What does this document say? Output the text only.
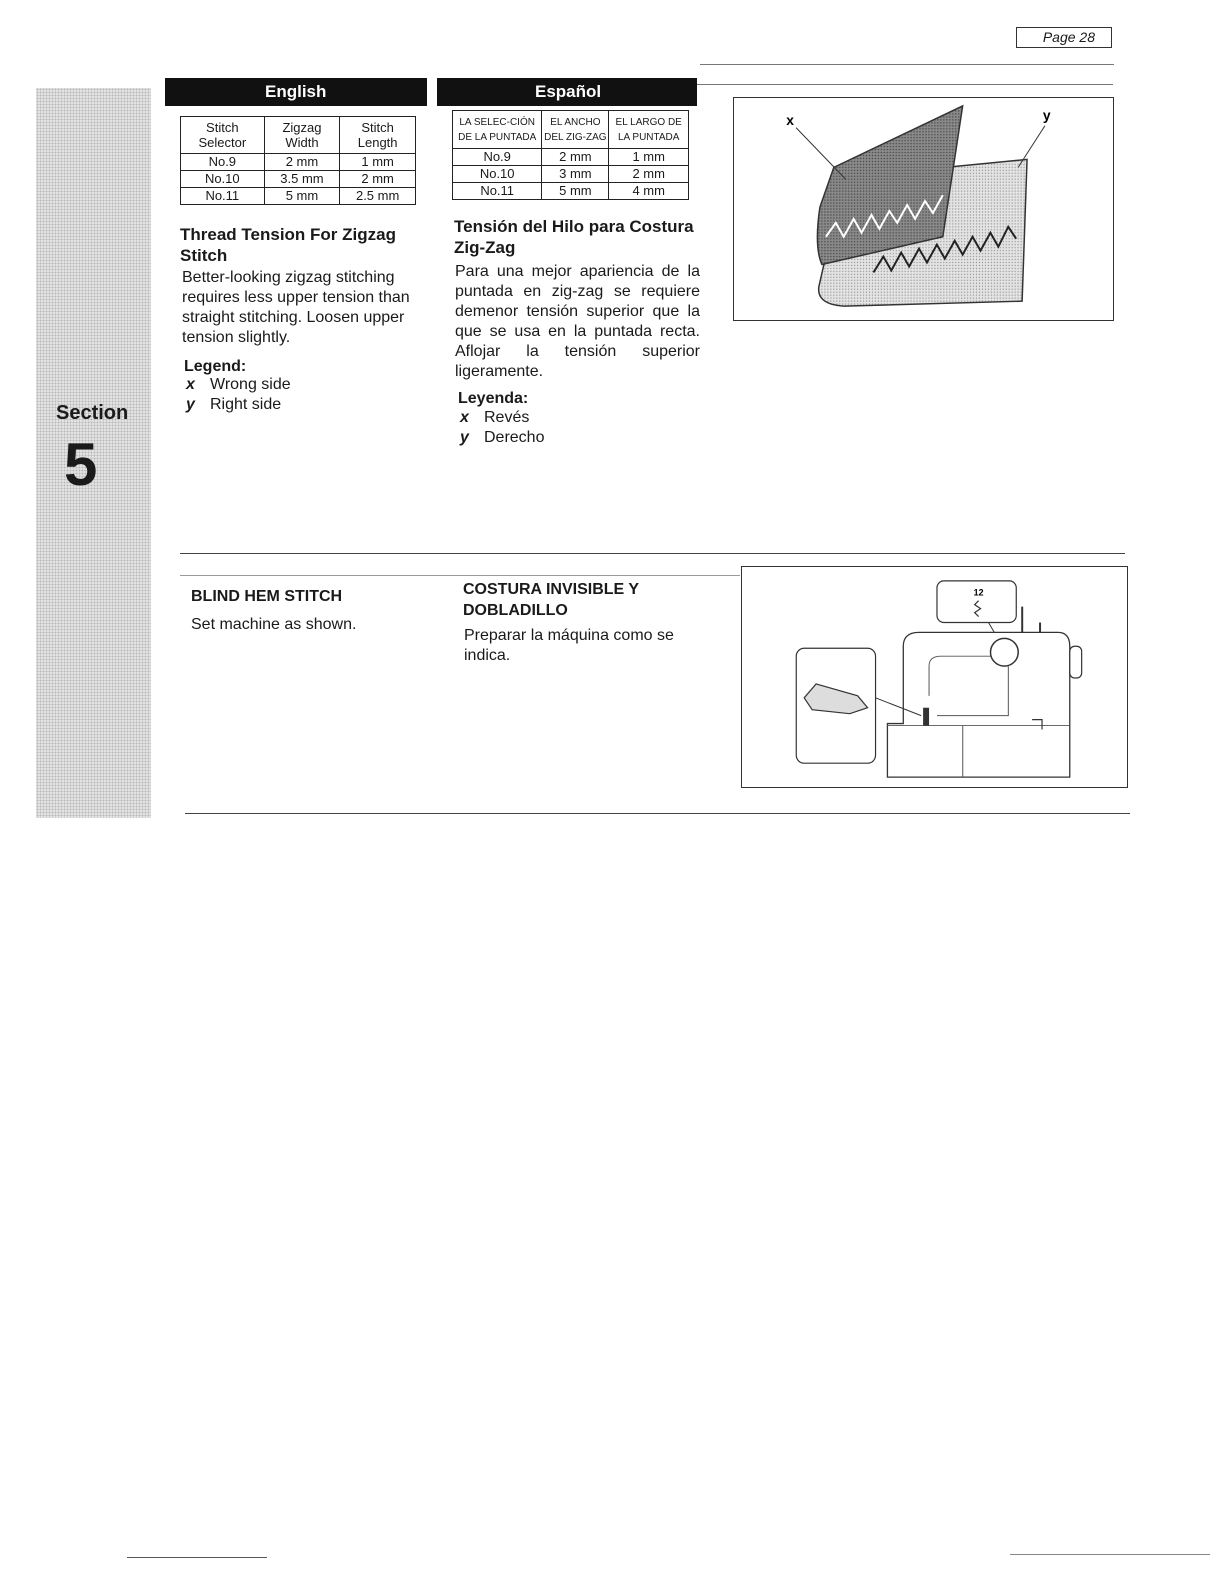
Page 28
Section
5
English	Español
Stitch Selector	Zigzag Width	Stitch Length
No.9	2 mm	1 mm
No.10	3.5 mm	2 mm
No.11	5 mm	2.5 mm
LA SELEC-CIÓN DE LA PUNTADA	EL ANCHO DEL ZIG-ZAG	EL LARGO DE LA PUNTADA
No.9	2 mm	1 mm
No.10	3 mm	2 mm
No.11	5 mm	4 mm
Thread Tension For Zigzag Stitch
Better-looking zigzag stitching requires less upper tension than straight stitching. Loosen upper tension slightly.
Legend:
x Wrong side
y Right side
Tensión del Hilo para Costura Zig-Zag
Para una mejor apariencia de la puntada en zig-zag se requiere demenor tensión superior que la que se usa en la puntada recta. Aflojar la tensión superior ligeramente.
Leyenda:
x Revés
y Derecho
x	y
BLIND HEM STITCH
Set machine as shown.
COSTURA INVISIBLE Y DOBLADILLO
Preparar la máquina como se indica.
12
